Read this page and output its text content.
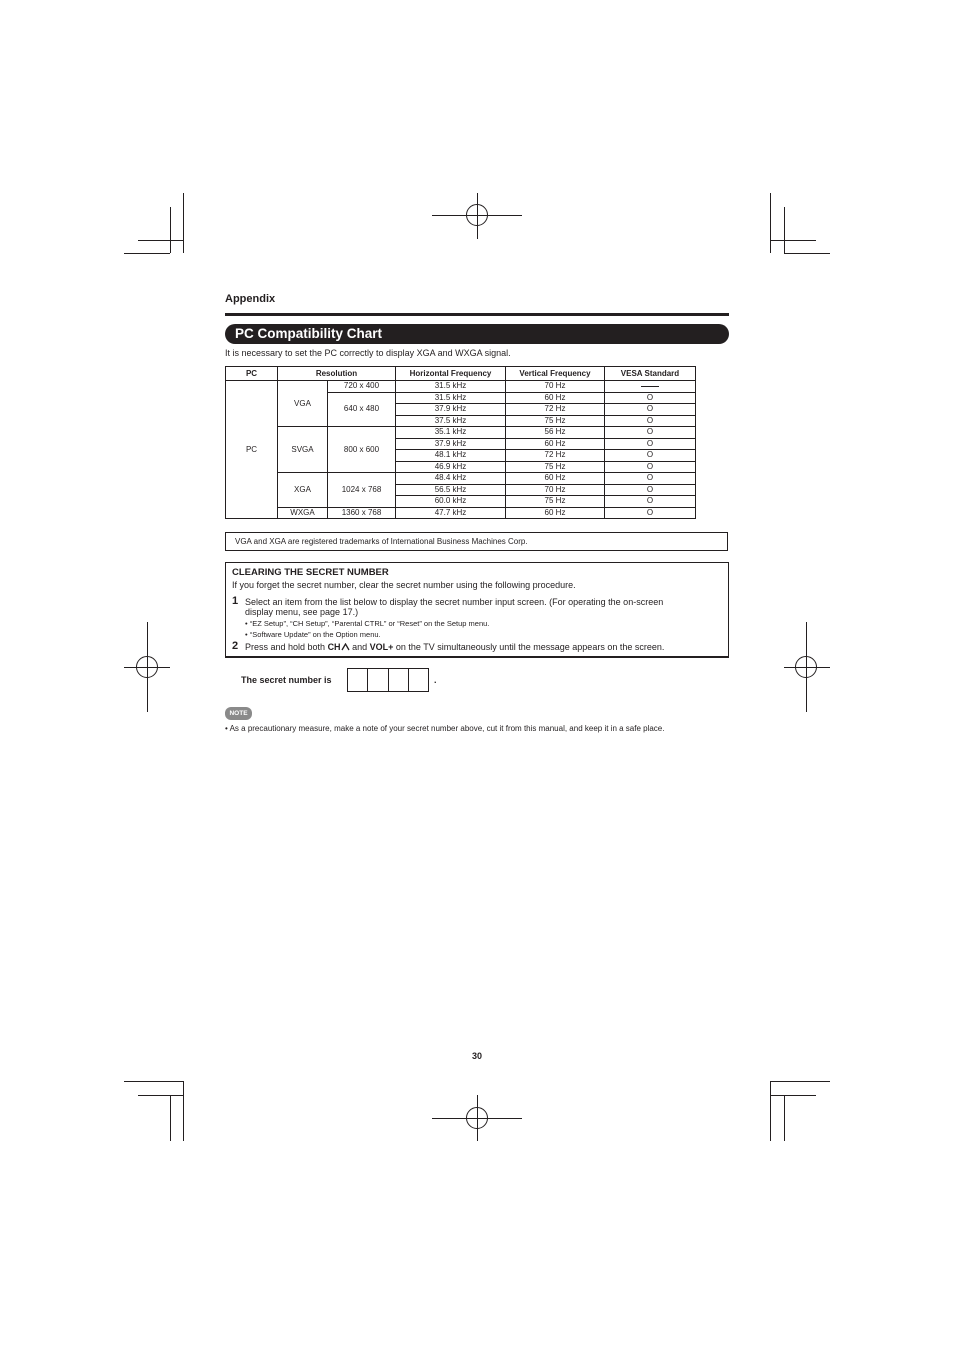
Appendix
PC Compatibility Chart
It is necessary to set the PC correctly to display XGA and WXGA signal.
PC	Resolution		Horizontal Frequency	Vertical Frequency	VESA Standard
PC	VGA	720 x 400	31.5 kHz	70 Hz	
		640 x 480	31.5 kHz	60 Hz	O
			37.9 kHz	72 Hz	O
			37.5 kHz	75 Hz	O
	SVGA	800 x 600	35.1 kHz	56 Hz	O
			37.9 kHz	60 Hz	O
			48.1 kHz	72 Hz	O
			46.9 kHz	75 Hz	O
	XGA	1024 x 768	48.4 kHz	60 Hz	O
			56.5 kHz	70 Hz	O
			60.0 kHz	75 Hz	O
	WXGA	1360 x 768	47.7 kHz	60 Hz	O
VGA and XGA are registered trademarks of International Business Machines Corp.
CLEARING THE SECRET NUMBER
If you forget the secret number, clear the secret number using the following procedure.
1 Select an item from the list below to display the secret number input screen. (For operating the on-screen
display menu, see page 17.)
• “EZ Setup”, “CH Setup”, “Parental CTRL” or “Reset” on the Setup menu.
• “Software Update” on the Option menu.
2 Press and hold both CH and VOL+ on the TV simultaneously until the message appears on the screen.
The secret number is	.
NOTE
• As a precautionary measure, make a note of your secret number above, cut it from this manual, and keep it in a safe place.
30
